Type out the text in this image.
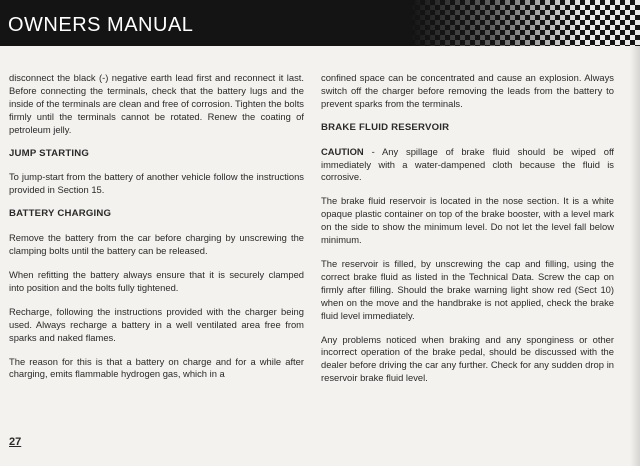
OWNERS MANUAL

disconnect the black (-) negative earth lead first and reconnect it last. Before connecting the terminals, check that the battery lugs and the inside of the terminals are clean and free of corrosion. Tighten the bolts firmly until the terminals cannot be rotated. Renew the coating of petroleum jelly.

JUMP STARTING

To jump-start from the battery of another vehicle follow the instructions provided in Section 15.

BATTERY CHARGING

Remove the battery from the car before charging by unscrewing the clamping bolts until the battery can be released.

When refitting the battery always ensure that it is securely clamped into position and the bolts fully tightened.

Recharge, following the instructions provided with the charger being used. Always recharge a battery in a well ventilated area free from sparks and naked flames.

The reason for this is that a battery on charge and for a while after charging, emits flammable hydrogen gas, which in a

confined space can be concentrated and cause an explosion. Always switch off the charger before removing the leads from the battery to prevent sparks from the terminals.

BRAKE FLUID RESERVOIR

CAUTION - Any spillage of brake fluid should be wiped off immediately with a water-dampened cloth because the fluid is corrosive.

The brake fluid reservoir is located in the nose section. It is a white opaque plastic container on top of the brake booster, with a level mark on the side to show the minimum level. Do not let the level fall below minimum.

The reservoir is filled, by unscrewing the cap and filling, using the correct brake fluid as listed in the Technical Data. Screw the cap on firmly after filling. Should the brake warning light show red (Sect 10) when on the move and the handbrake is not applied, check the brake fluid level immediately.

Any problems noticed when braking and any sponginess or other incorrect operation of the brake pedal, should be discussed with the dealer before driving the car any further. Check for any sudden drop in reservoir brake fluid level.

27
